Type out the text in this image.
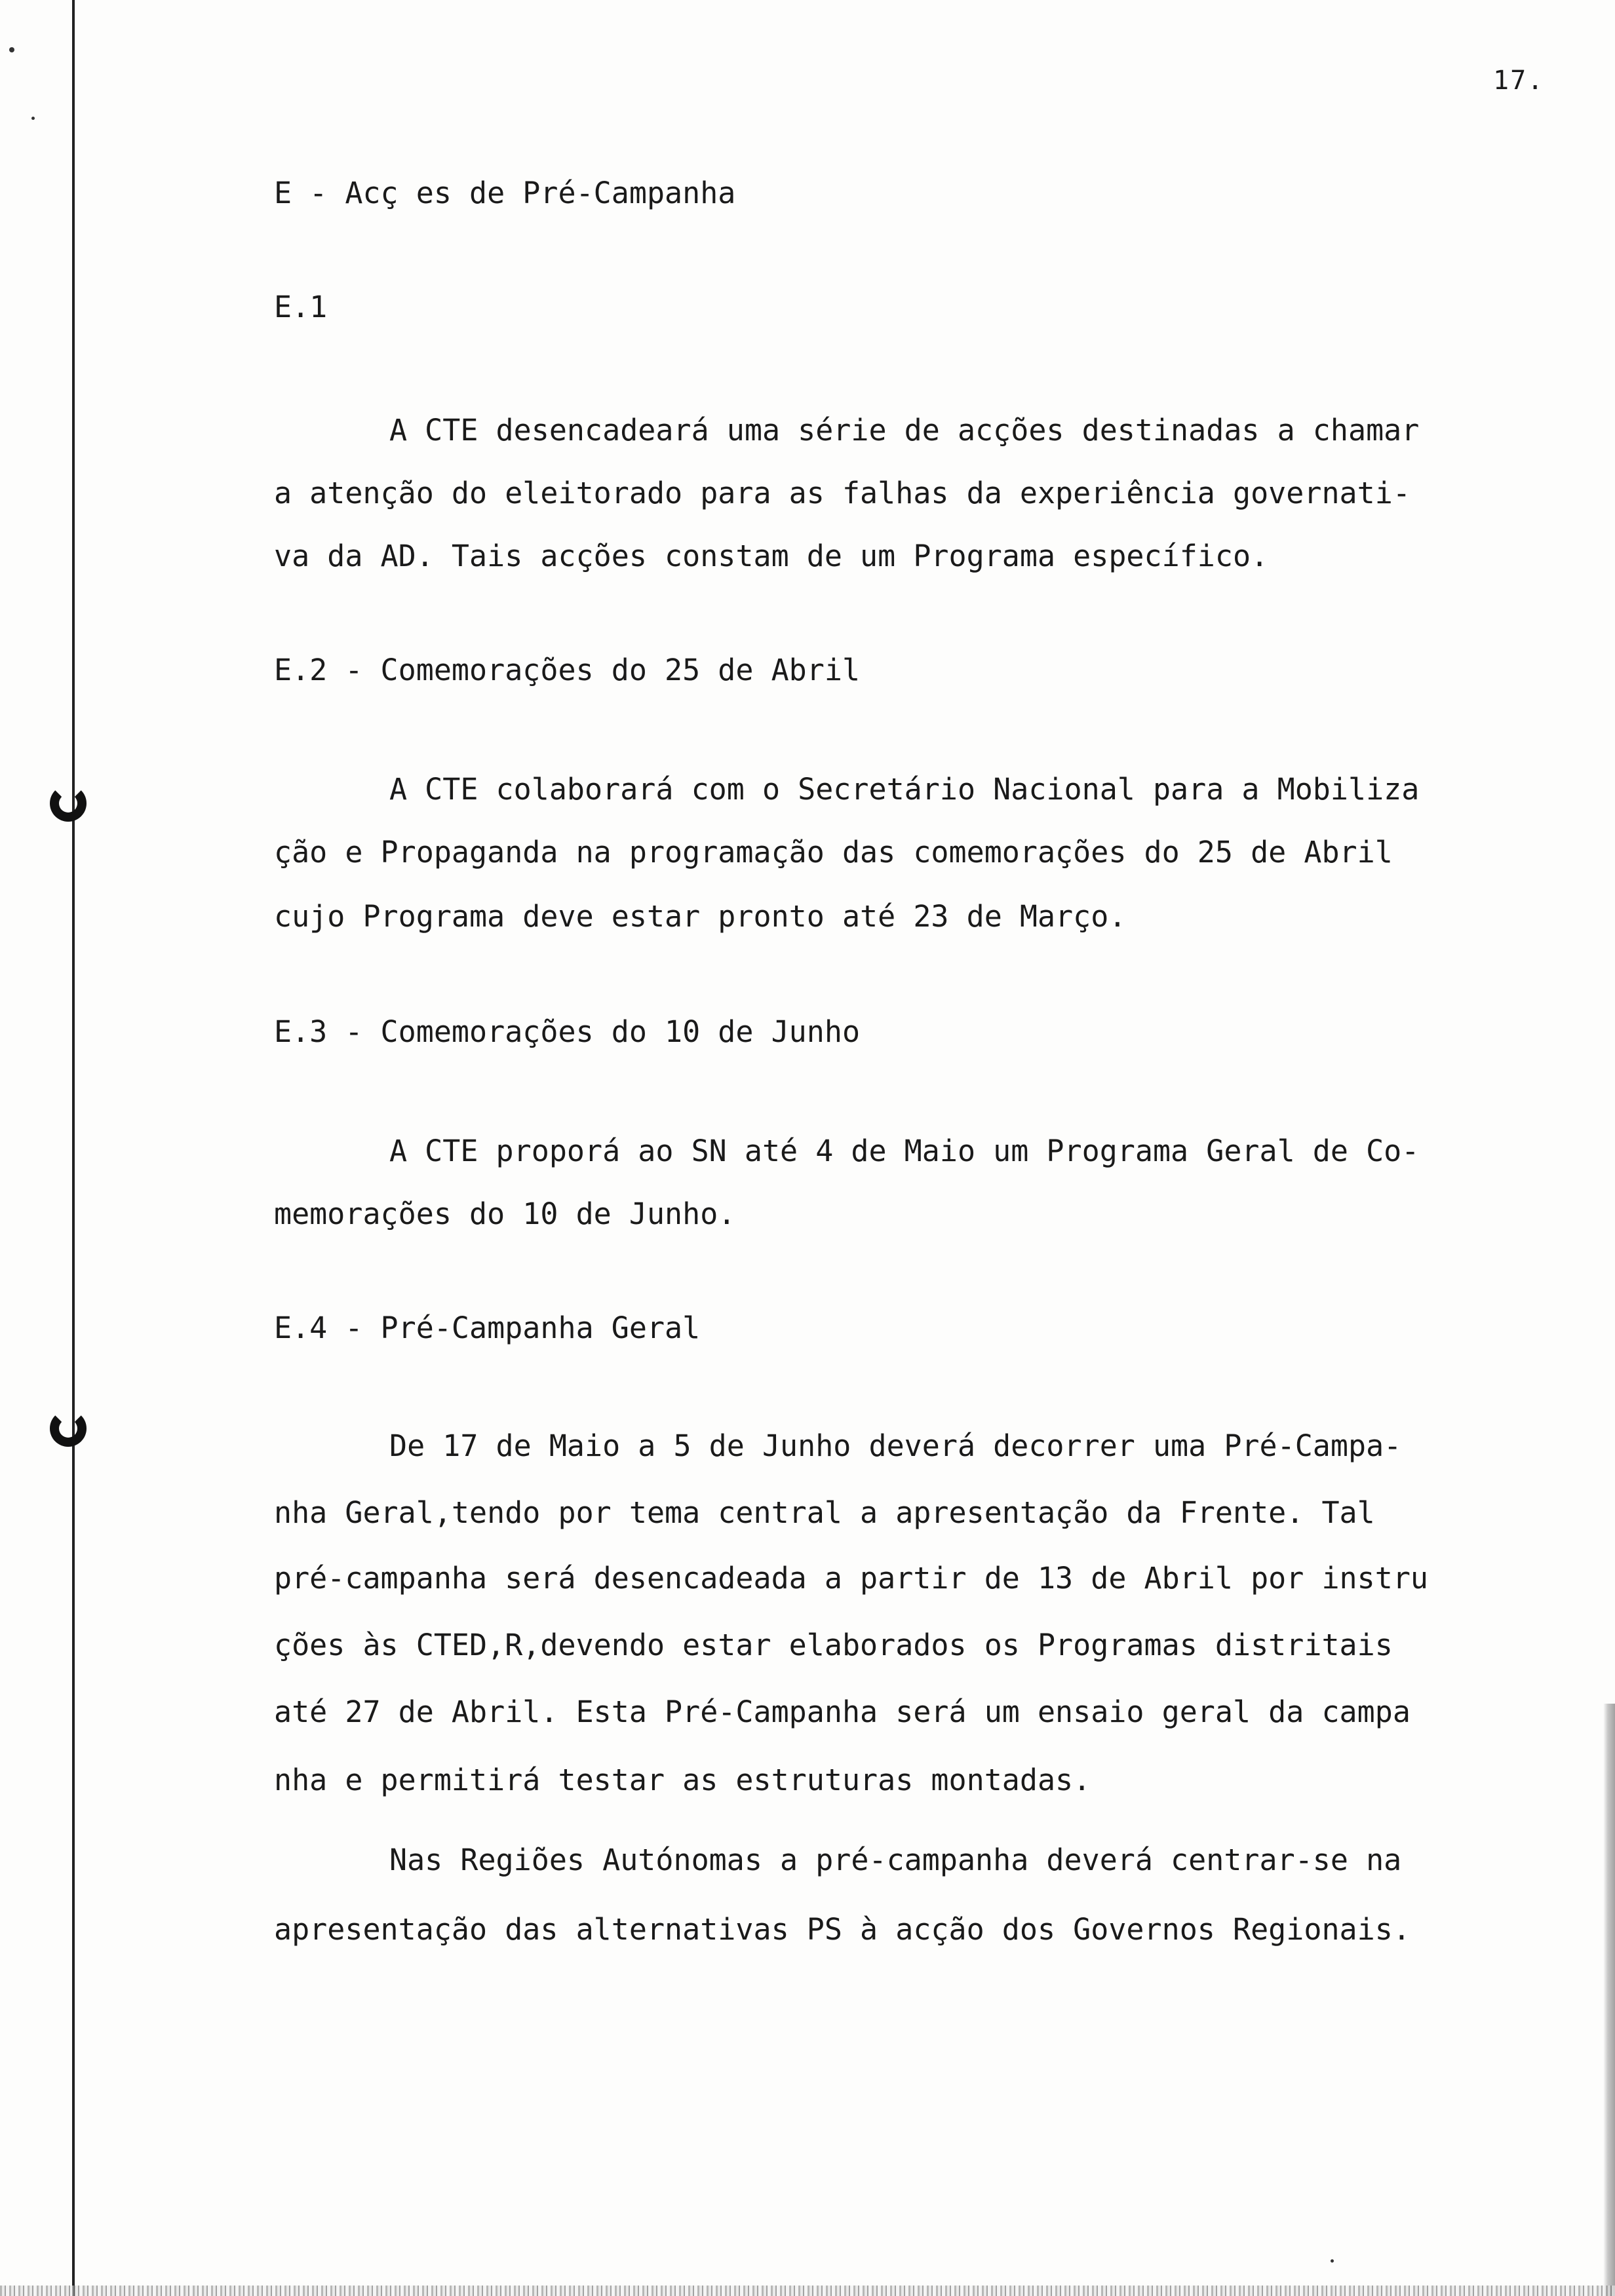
17.
E - Acç es de Pré-Campanha
E.1
A CTE desencadeará uma série de acções destinadas a chamar
a atenção do eleitorado para as falhas da experiência governati-
va da AD. Tais acções constam de um Programa específico.
E.2 - Comemorações do 25 de Abril
A CTE colaborará com o Secretário Nacional para a Mobiliza
ção e Propaganda na programação das comemorações do 25 de Abril
cujo Programa deve estar pronto até 23 de Março.
E.3 - Comemorações do 10 de Junho
A CTE proporá ao SN até 4 de Maio um Programa Geral de Co-
memorações do 10 de Junho.
E.4 - Pré-Campanha Geral
De 17 de Maio a 5 de Junho deverá decorrer uma Pré-Campa-
nha Geral,tendo por tema central a apresentação da Frente. Tal
pré-campanha será desencadeada a partir de 13 de Abril por instru
ções às CTED,R,devendo estar elaborados os Programas distritais
até 27 de Abril. Esta Pré-Campanha será um ensaio geral da campa
nha e permitirá testar as estruturas montadas.
Nas Regiões Autónomas a pré-campanha deverá centrar-se na
apresentação das alternativas PS à acção dos Governos Regionais.
